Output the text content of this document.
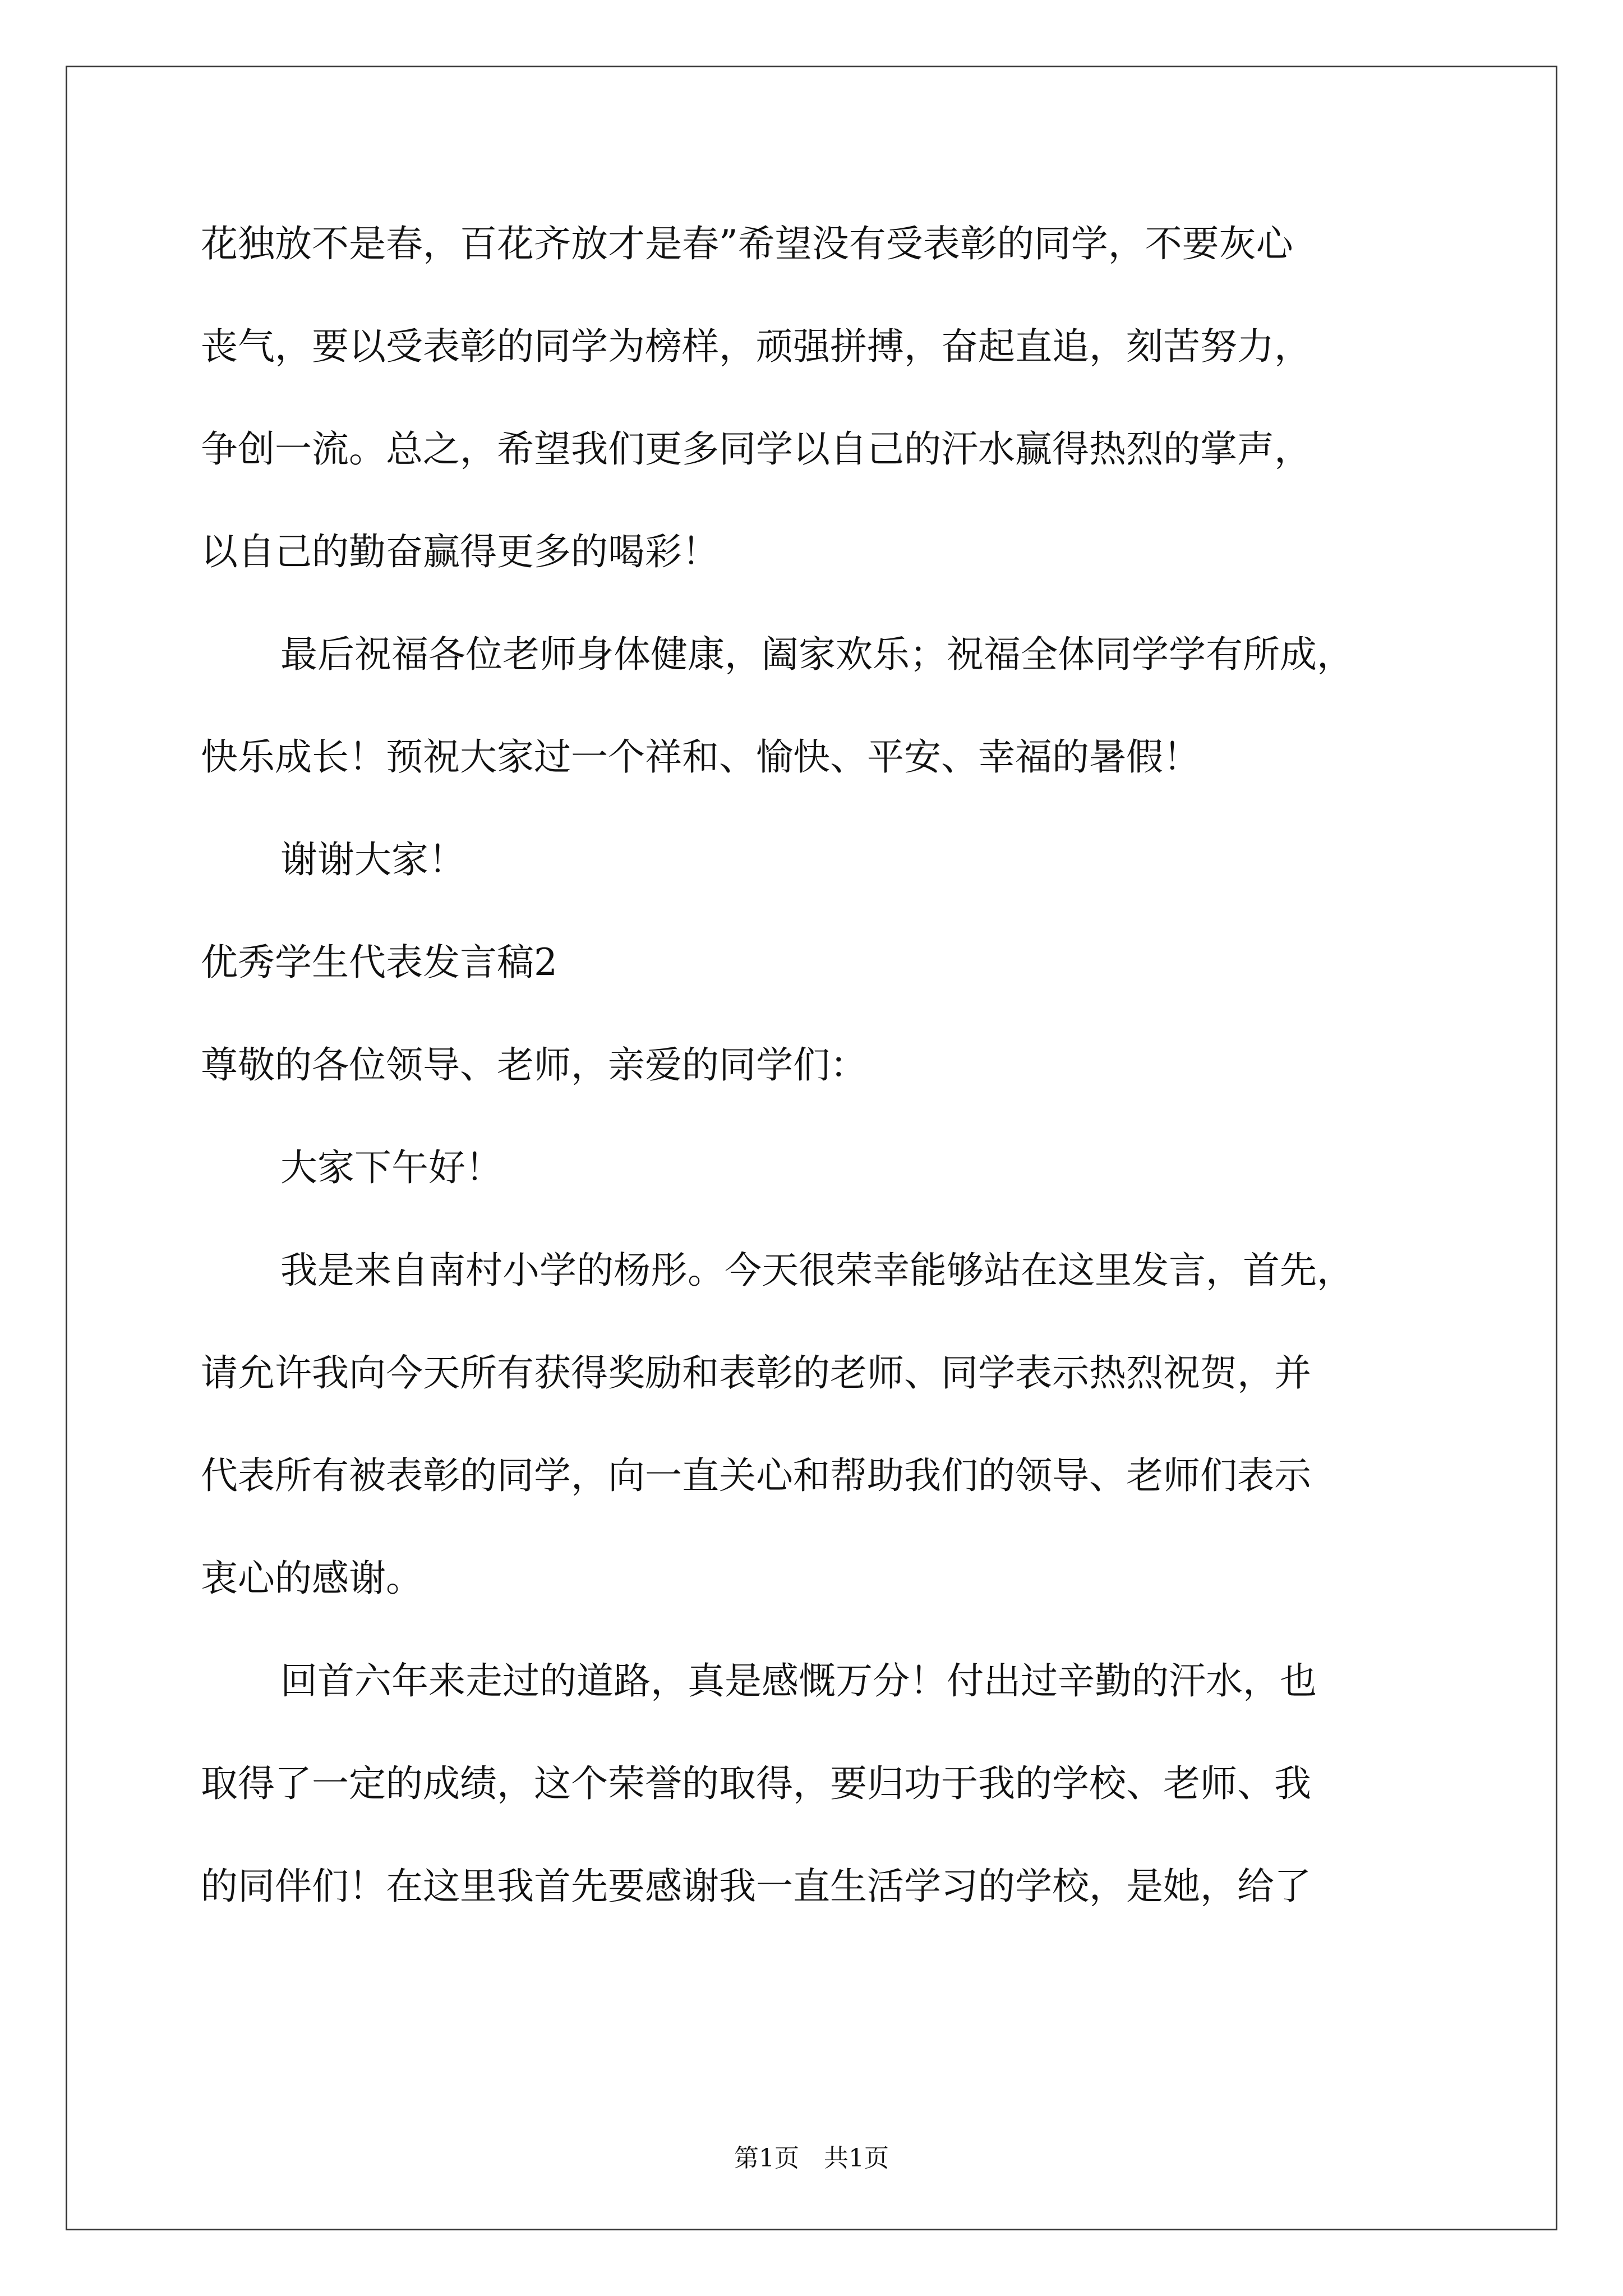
花独放不是春，百花齐放才是春”希望没有受表彰的同学，不要灰心
丧气，要以受表彰的同学为榜样，顽强拼搏，奋起直追，刻苦努力，
争创一流。总之，希望我们更多同学以自己的汗水赢得热烈的掌声，
以自己的勤奋赢得更多的喝彩！
最后祝福各位老师身体健康，阖家欢乐；祝福全体同学学有所成，
快乐成长！预祝大家过一个祥和、愉快、平安、幸福的暑假！
谢谢大家！
优秀学生代表发言稿2
尊敬的各位领导、老师，亲爱的同学们：
大家下午好！
我是来自南村小学的杨彤。今天很荣幸能够站在这里发言，首先，
请允许我向今天所有获得奖励和表彰的老师、同学表示热烈祝贺，并
代表所有被表彰的同学，向一直关心和帮助我们的领导、老师们表示
衷心的感谢。
回首六年来走过的道路，真是感慨万分！付出过辛勤的汗水，也
取得了一定的成绩，这个荣誉的取得，要归功于我的学校、老师、我
的同伴们！在这里我首先要感谢我一直生活学习的学校，是她，给了
第1页　共1页
